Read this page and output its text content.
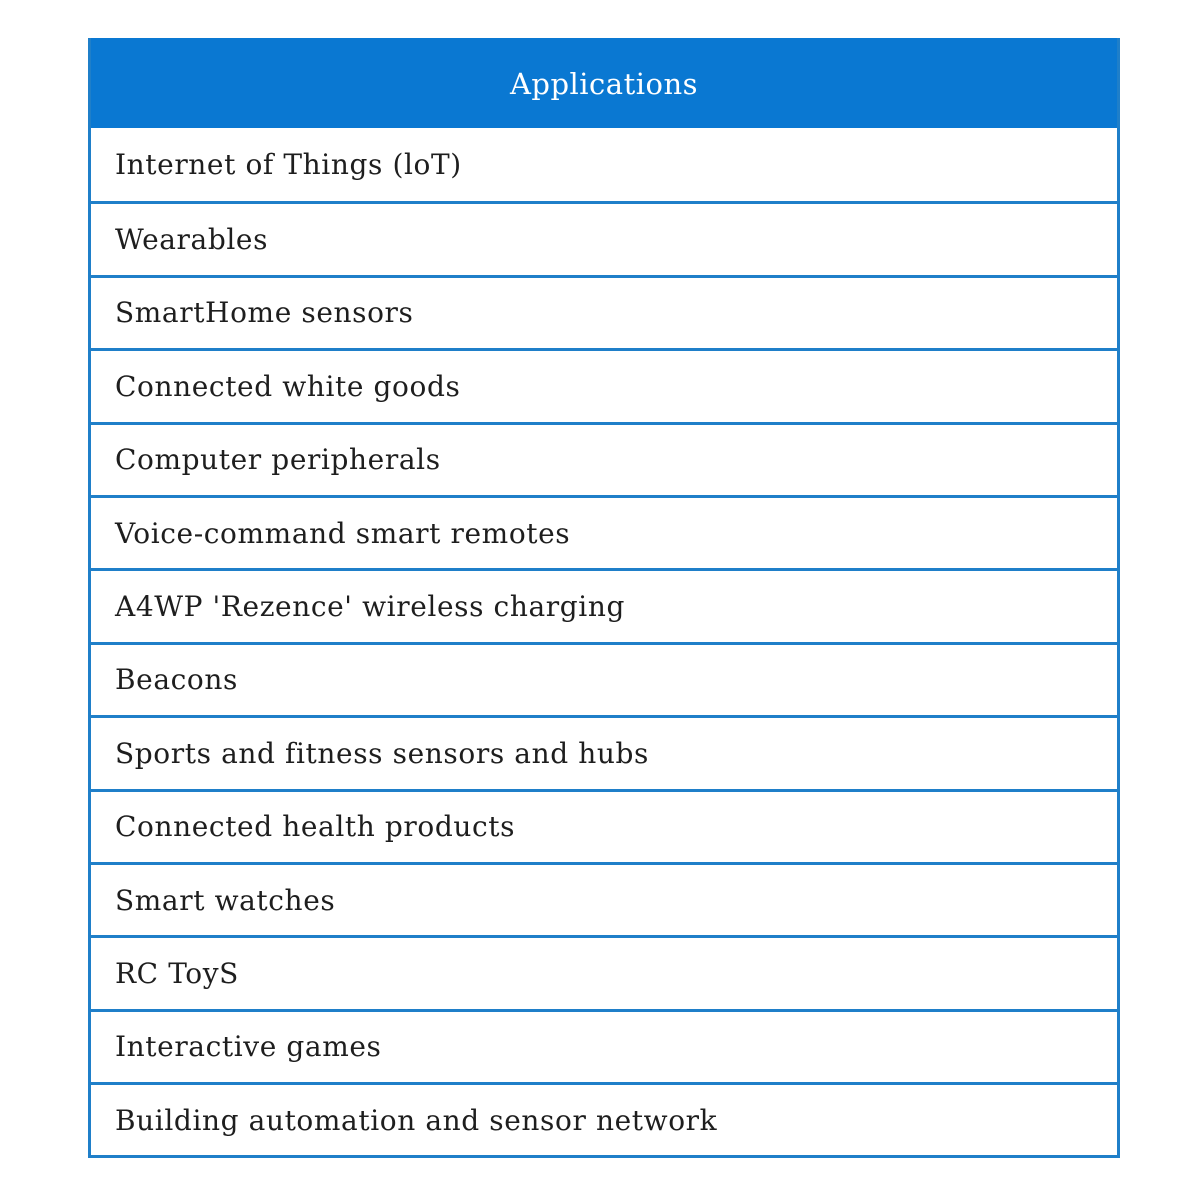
Applications
Internet of Things (loT)
Wearables
SmartHome sensors
Connected white goods
Computer peripherals
Voice-command smart remotes
A4WP 'Rezence' wireless charging
Beacons
Sports and fitness sensors and hubs
Connected health products
Smart watches
RC ToyS
Interactive games
Building automation and sensor network
